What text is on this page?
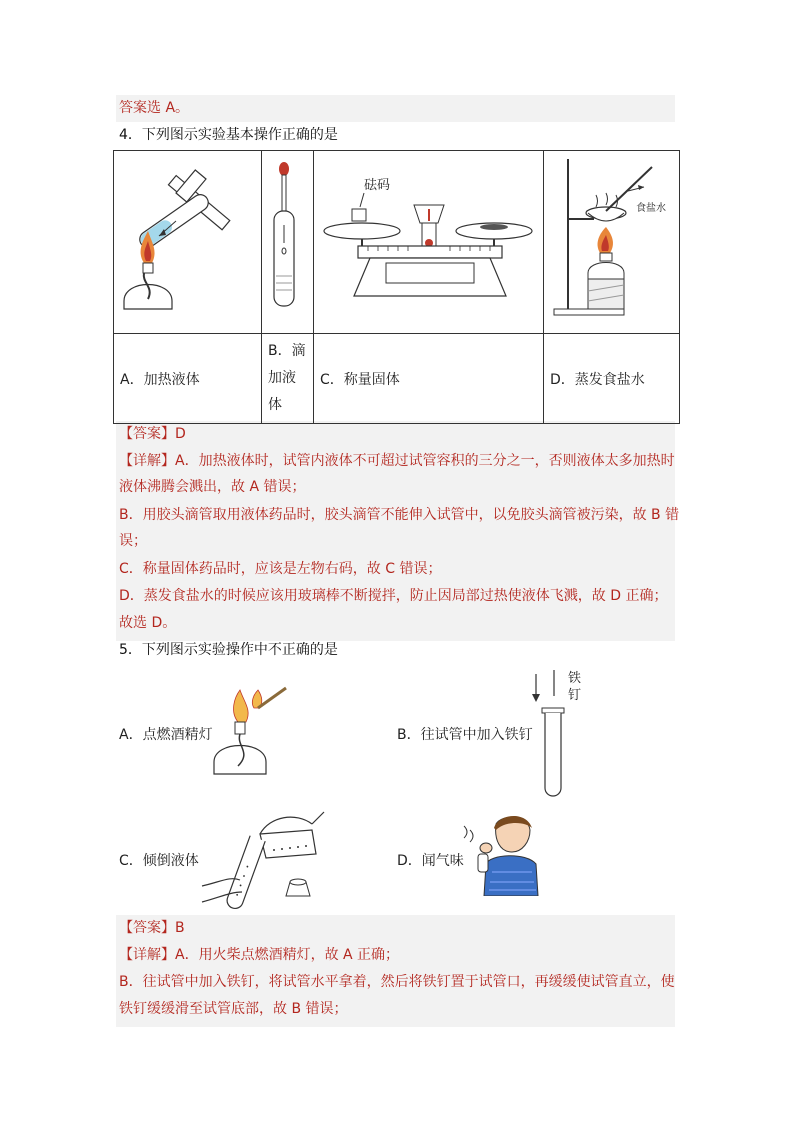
答案选 A。
4．下列图示实验基本操作正确的是

砝码	食盐水

A．加热液体	B．滴
加液
体	C．称量固体	D．蒸发食盐水
【答案】D
【详解】A．加热液体时，试管内液体不可超过试管容积的三分之一，否则液体太多加热时
液体沸腾会溅出，故 A 错误；
B．用胶头滴管取用液体药品时，胶头滴管不能伸入试管中，以免胶头滴管被污染，故 B 错
误；
C．称量固体药品时，应该是左物右码，故 C 错误；
D．蒸发食盐水的时候应该用玻璃棒不断搅拌，防止因局部过热使液体飞溅，故 D 正确；
故选 D。
5．下列图示实验操作中不正确的是
A．点燃酒精灯	B．往试管中加入铁钉
铁
钉
C．倾倒液体	D．闻气味
【答案】B
【详解】A．用火柴点燃酒精灯，故 A 正确；
B．往试管中加入铁钉，将试管水平拿着，然后将铁钉置于试管口，再缓缓使试管直立，使
铁钉缓缓滑至试管底部，故 B 错误；
